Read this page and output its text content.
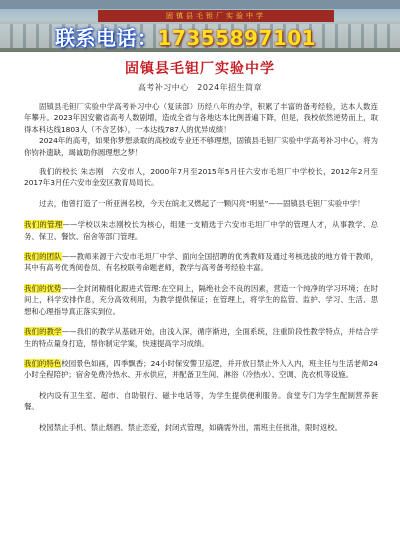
固镇县毛钽厂实验中学
联系电话：17355897101
固镇县毛钽厂实验中学
高考补习中心　2024年招生简章

固镇县毛钽厂实验中学高考补习中心（复读部）历经八年的办学，积累了丰富的备考经验，达本人数连年攀升。2023年因安徽省高考人数剧增，造成全省与各地达本比例普遍下降，但是，我校依然逆势而上，取得本科达线1803人（不含艺体），一本达线787人的优异成绩！

2024年的高考，如果你梦想录取的高校或专业还不够理想，固镇县毛钽厂实验中学高考补习中心，将为你钧补遗缺，竭诚助你圆理想之梦！

我们的校长 朱志刚　六安市人，2000年7月至2015年5月任六安市毛坦厂中学校长，2012年2月至2017年3月任六安市金安区教育局局长。

过去，他曾打造了一所亚洲名校，今天在皖北又燃起了一颗闪亮“明星”——固镇县毛钽厂实验中学！

我们的管理——学校以朱志刚校长为核心，组建一支精选于六安市毛坦厂中学的管理人才，从事教学、总务、保卫、餐饮、宿舍等部门管理。

我们的团队——教师来源于六安市毛坦厂中学、面向全国招聘的优秀教师及通过考核选拔的地方骨干教师，其中有高考优秀阅卷员、有名校联考命题老师，教学与高考备考经验丰富。

我们的优势——全封闭精细化跟进式管理:在空间上，隔绝社会不良的因素，营造一个纯净的学习环境；在时间上，科学安排作息，充分高效利用，为教学提供保证；在管理上，将学生的监管、监护、学习、生活、思想和心理指导真正落实到位。

我们的教学——我们的教学从基础开始，由浅入深，循序渐进，全面系统，注重阶段性教学特点，并结合学生的特点量身打造，帮你制定学案，快速提高学习成绩。

我们的特色校园景色如画，四季飘香；24小时保安警卫巡逻，并开放日禁止外人入内，班主任与生活老师24小时全程陪护；宿舍免费冷热水、开水供应，并配备卫生间、淋浴（冷热水）、空调、洗衣机等设施。

校内设有卫生室、超市、自助银行、磁卡电话等，为学生提供便利服务。食堂专门为学生配制营养套餐。

校园禁止手机、禁止烟酒、禁止恋爱，封闭式管理，如确需外出，需班主任批准，限时返校。
